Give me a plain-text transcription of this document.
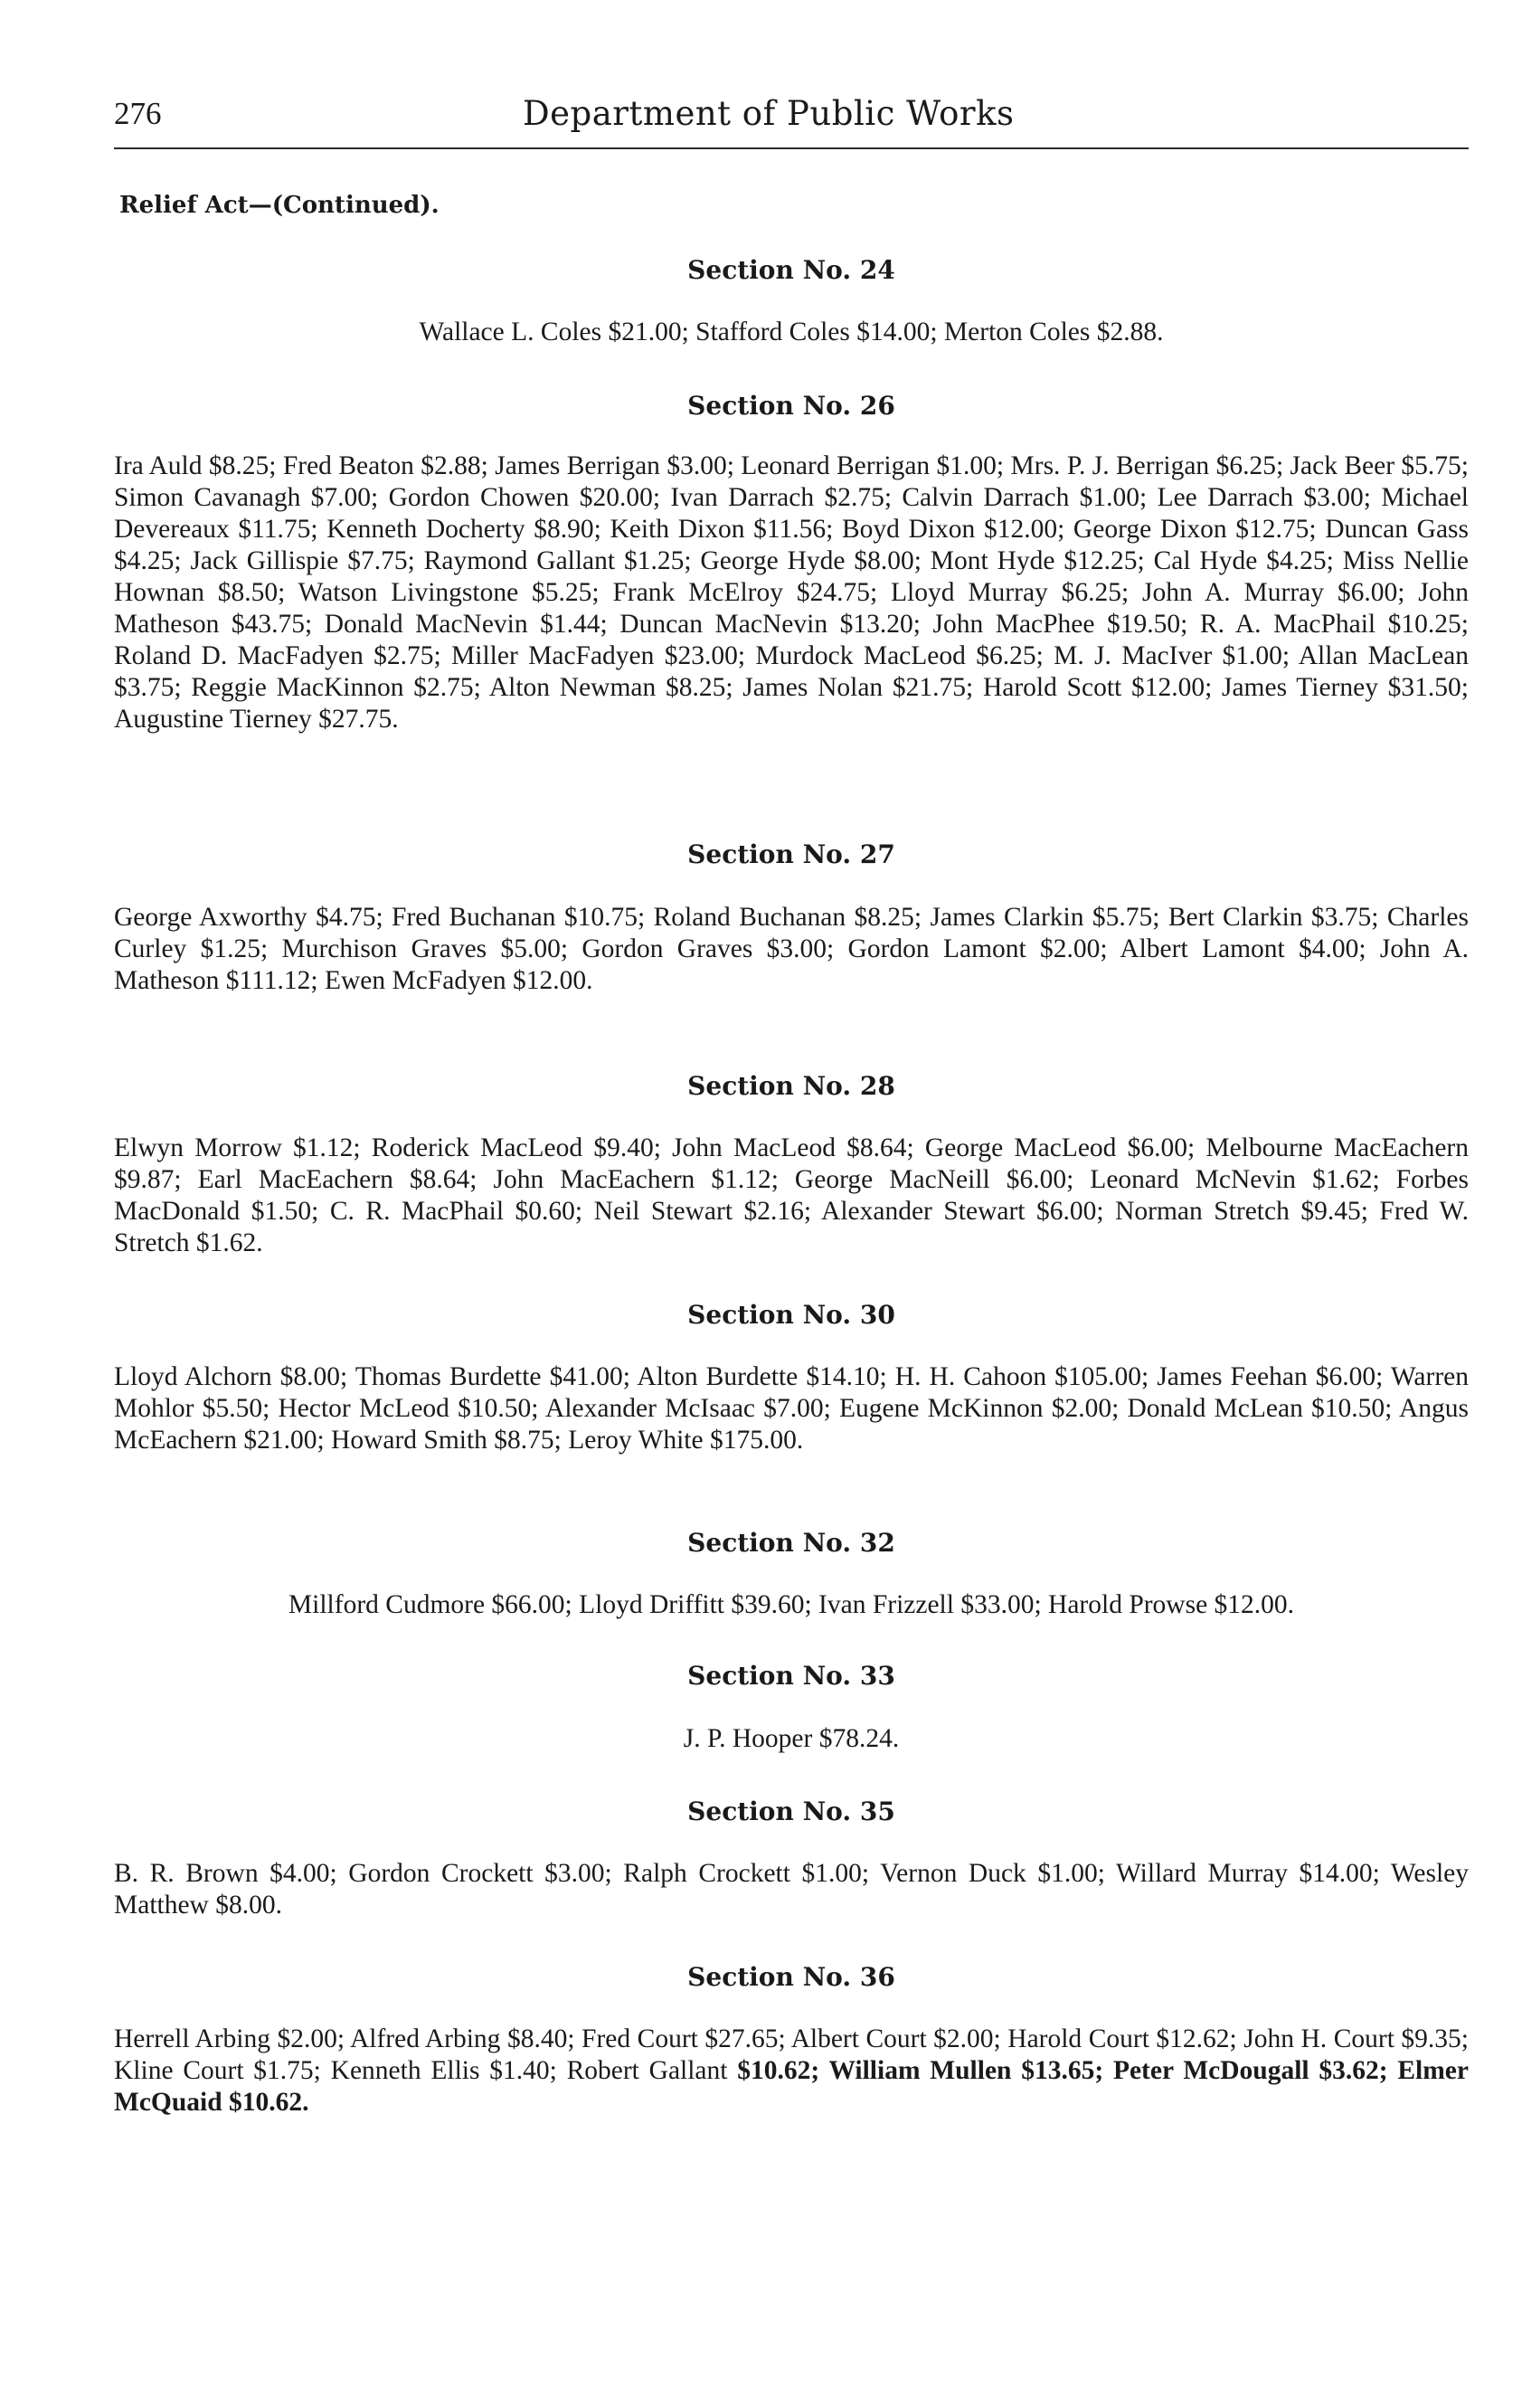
276	Department of Public Works
Relief Act—(Continued).
Section No. 24
Wallace L. Coles $21.00; Stafford Coles $14.00; Merton Coles $2.88.
Section No. 26
Ira Auld $8.25; Fred Beaton $2.88; James Berrigan $3.00; Leonard Berrigan $1.00; Mrs. P. J. Berrigan $6.25; Jack Beer $5.75; Simon Cavanagh $7.00; Gordon Chowen $20.00; Ivan Darrach $2.75; Calvin Darrach $1.00; Lee Darrach $3.00; Michael Devereaux $11.75; Kenneth Docherty $8.90; Keith Dixon $11.56; Boyd Dixon $12.00; George Dixon $12.75; Duncan Gass $4.25; Jack Gillispie $7.75; Raymond Gallant $1.25; George Hyde $8.00; Mont Hyde $12.25; Cal Hyde $4.25; Miss Nellie Hownan $8.50; Watson Livingstone $5.25; Frank McElroy $24.75; Lloyd Murray $6.25; John A. Murray $6.00; John Matheson $43.75; Donald MacNevin $1.44; Duncan MacNevin $13.20; John MacPhee $19.50; R. A. MacPhail $10.25; Roland D. MacFadyen $2.75; Miller MacFadyen $23.00; Murdock MacLeod $6.25; M. J. MacIver $1.00; Allan MacLean $3.75; Reggie MacKinnon $2.75; Alton Newman $8.25; James Nolan $21.75; Harold Scott $12.00; James Tierney $31.50; Augustine Tierney $27.75.
Section No. 27
George Axworthy $4.75; Fred Buchanan $10.75; Roland Buchanan $8.25; James Clarkin $5.75; Bert Clarkin $3.75; Charles Curley $1.25; Murchison Graves $5.00; Gordon Graves $3.00; Gordon Lamont $2.00; Albert Lamont $4.00; John A. Matheson $111.12; Ewen McFadyen $12.00.
Section No. 28
Elwyn Morrow $1.12; Roderick MacLeod $9.40; John MacLeod $8.64; George MacLeod $6.00; Melbourne MacEachern $9.87; Earl MacEachern $8.64; John MacEachern $1.12; George MacNeill $6.00; Leonard McNevin $1.62; Forbes MacDonald $1.50; C. R. MacPhail $0.60; Neil Stewart $2.16; Alexander Stewart $6.00; Norman Stretch $9.45; Fred W. Stretch $1.62.
Section No. 30
Lloyd Alchorn $8.00; Thomas Burdette $41.00; Alton Burdette $14.10; H. H. Cahoon $105.00; James Feehan $6.00; Warren Mohlor $5.50; Hector McLeod $10.50; Alexander McIsaac $7.00; Eugene McKinnon $2.00; Donald McLean $10.50; Angus McEachern $21.00; Howard Smith $8.75; Leroy White $175.00.
Section No. 32
Millford Cudmore $66.00; Lloyd Driffitt $39.60; Ivan Frizzell $33.00; Harold Prowse $12.00.
Section No. 33
J. P. Hooper $78.24.
Section No. 35
B. R. Brown $4.00; Gordon Crockett $3.00; Ralph Crockett $1.00; Vernon Duck $1.00; Willard Murray $14.00; Wesley Matthew $8.00.
Section No. 36
Herrell Arbing $2.00; Alfred Arbing $8.40; Fred Court $27.65; Albert Court $2.00; Harold Court $12.62; John H. Court $9.35; Kline Court $1.75; Kenneth Ellis $1.40; Robert Gallant $10.62; William Mullen $13.65; Peter McDougall $3.62; Elmer McQuaid $10.62.
